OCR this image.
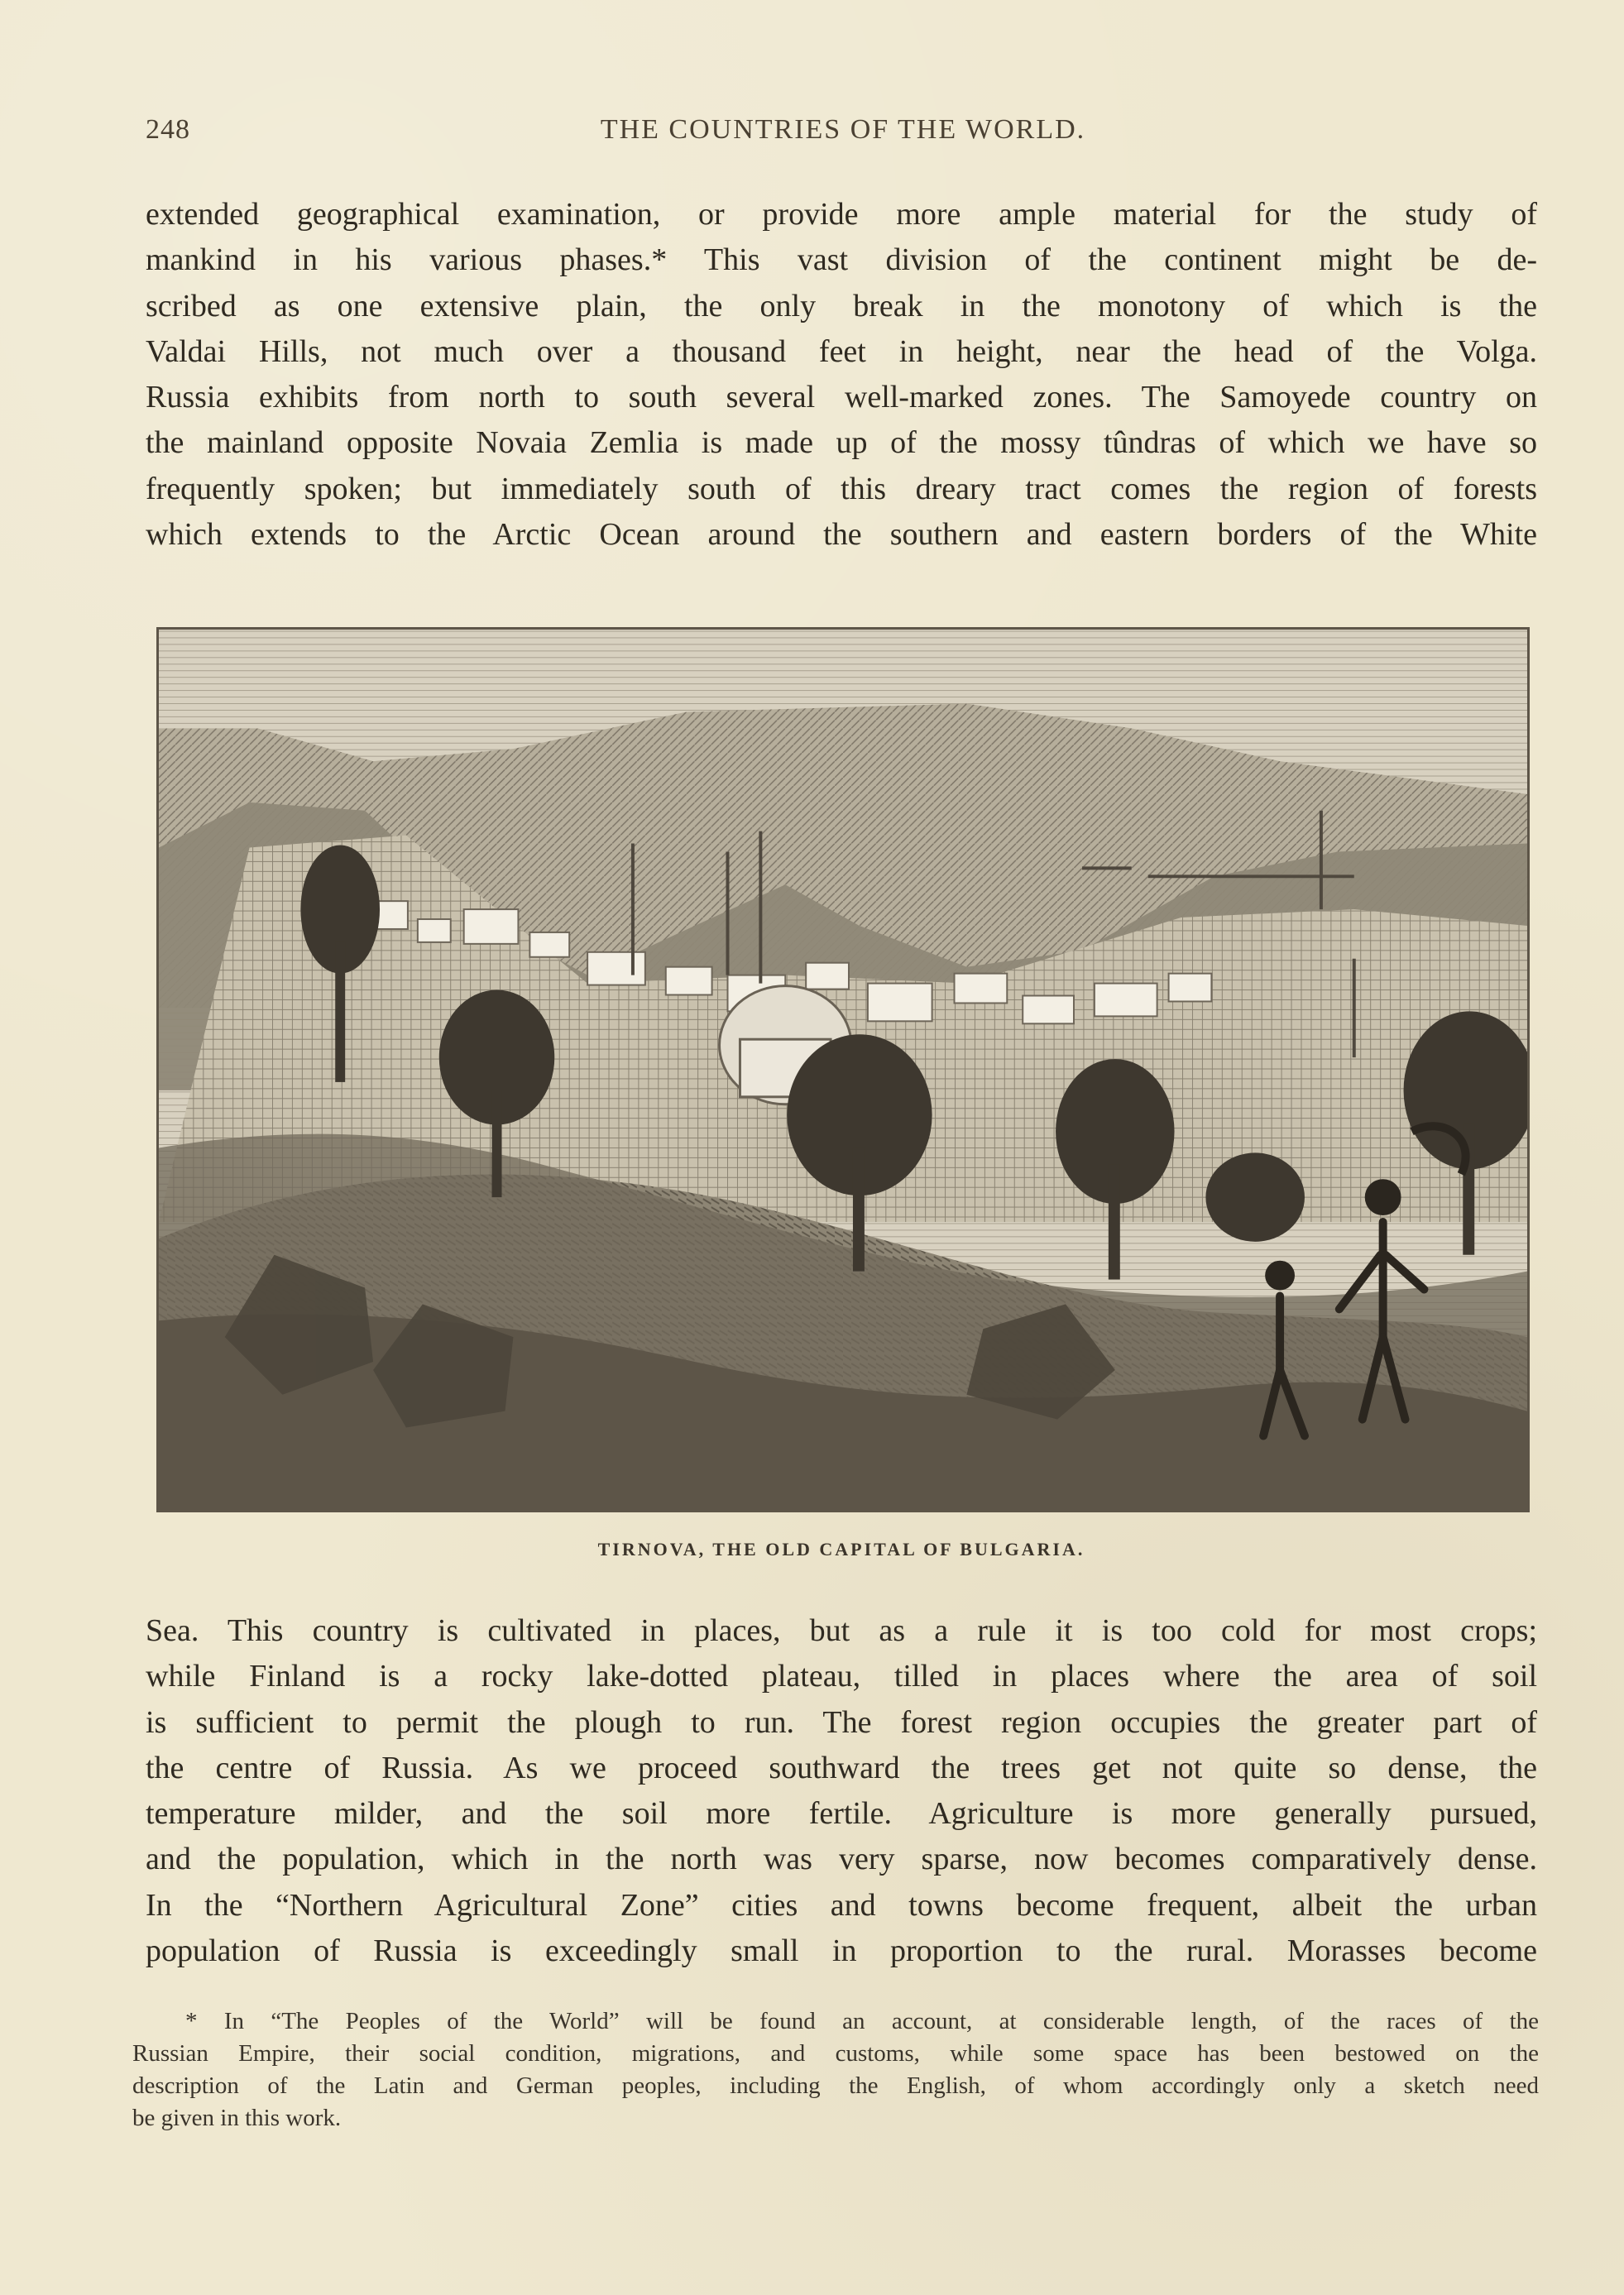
248	THE COUNTRIES OF THE WORLD.
extended geographical examination, or provide more ample material for the study of
mankind in his various phases.* This vast division of the continent might be de-
scribed as one extensive plain, the only break in the monotony of which is the
Valdai Hills, not much over a thousand feet in height, near the head of the Volga.
Russia exhibits from north to south several well-marked zones. The Samoyede country on
the mainland opposite Novaia Zemlia is made up of the mossy tûndras of which we have so
frequently spoken; but immediately south of this dreary tract comes the region of forests
which extends to the Arctic Ocean around the southern and eastern borders of the White
TIRNOVA, THE OLD CAPITAL OF BULGARIA.
Sea. This country is cultivated in places, but as a rule it is too cold for most crops;
while Finland is a rocky lake-dotted plateau, tilled in places where the area of soil
is sufficient to permit the plough to run. The forest region occupies the greater part of
the centre of Russia. As we proceed southward the trees get not quite so dense, the
temperature milder, and the soil more fertile. Agriculture is more generally pursued,
and the population, which in the north was very sparse, now becomes comparatively dense.
In the “Northern Agricultural Zone” cities and towns become frequent, albeit the urban
population of Russia is exceedingly small in proportion to the rural. Morasses become
* In “The Peoples of the World” will be found an account, at considerable length, of the races of the
Russian Empire, their social condition, migrations, and customs, while some space has been bestowed on the
description of the Latin and German peoples, including the English, of whom accordingly only a sketch need
be given in this work.
